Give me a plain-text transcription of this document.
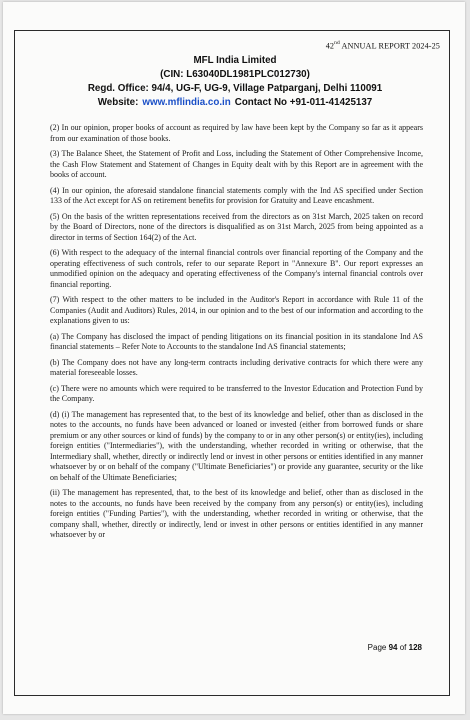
42nd ANNUAL REPORT 2024-25
MFL India Limited
(CIN: L63040DL1981PLC012730)
Regd. Office: 94/4, UG-F, UG-9, Village Patparganj, Delhi 110091
Website: www.mflindia.co.in Contact No +91-011-41425137

(2) In our opinion, proper books of account as required by law have been kept by the Company so far as it appears from our examination of those books.

(3) The Balance Sheet, the Statement of Profit and Loss, including the Statement of Other Comprehensive Income, the Cash Flow Statement and Statement of Changes in Equity dealt with by this Report are in agreement with the books of account.

(4) In our opinion, the aforesaid standalone financial statements comply with the Ind AS specified under Section 133 of the Act except for AS on retirement benefits for provision for Gratuity and Leave encashment.

(5) On the basis of the written representations received from the directors as on 31st March, 2025 taken on record by the Board of Directors, none of the directors is disqualified as on 31st March, 2025 from being appointed as a director in terms of Section 164(2) of the Act.

(6) With respect to the adequacy of the internal financial controls over financial reporting of the Company and the operating effectiveness of such controls, refer to our separate Report in "Annexure B". Our report expresses an unmodified opinion on the adequacy and operating effectiveness of the Company's internal financial controls over financial reporting.

(7) With respect to the other matters to be included in the Auditor's Report in accordance with Rule 11 of the Companies (Audit and Auditors) Rules, 2014, in our opinion and to the best of our information and according to the explanations given to us:

(a) The Company has disclosed the impact of pending litigations on its financial position in its standalone Ind AS financial statements – Refer Note to Accounts to the standalone Ind AS financial statements;

(b) The Company does not have any long-term contracts including derivative contracts for which there were any material foreseeable losses.

(c) There were no amounts which were required to be transferred to the Investor Education and Protection Fund by the Company.

(d) (i) The management has represented that, to the best of its knowledge and belief, other than as disclosed in the notes to the accounts, no funds have been advanced or loaned or invested (either from borrowed funds or share premium or any other sources or kind of funds) by the company to or in any other person(s) or entity(ies), including foreign entities ("Intermediaries"), with the understanding, whether recorded in writing or otherwise, that the Intermediary shall, whether, directly or indirectly lend or invest in other persons or entities identified in any manner whatsoever by or on behalf of the company ("Ultimate Beneficiaries") or provide any guarantee, security or the like on behalf of the Ultimate Beneficiaries;

(ii) The management has represented, that, to the best of its knowledge and belief, other than as disclosed in the notes to the accounts, no funds have been received by the company from any person(s) or entity(ies), including foreign entities ("Funding Parties"), with the understanding, whether recorded in writing or otherwise, that the company shall, whether, directly or indirectly, lend or invest in other persons or entities identified in any manner whatsoever by or

Page 94 of 128
